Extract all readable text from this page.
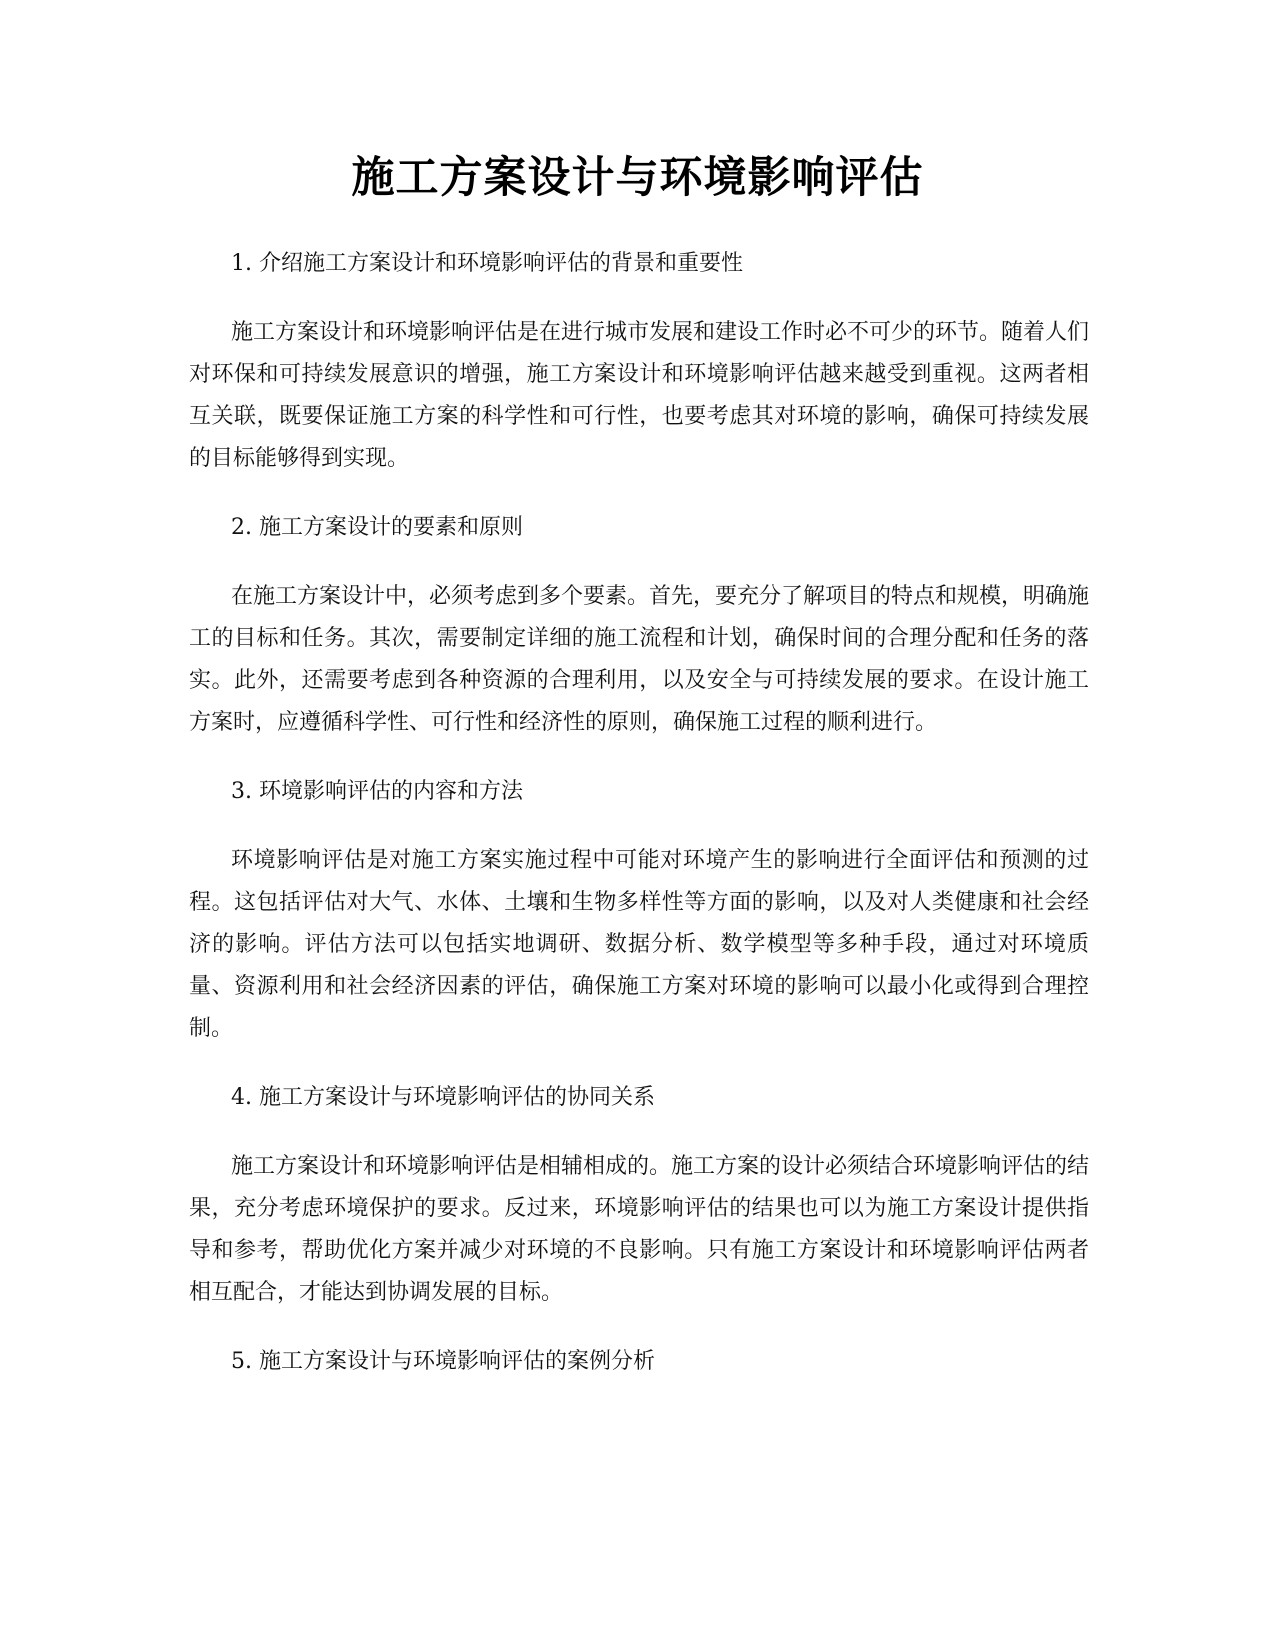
施工方案设计与环境影响评估

1. 介绍施工方案设计和环境影响评估的背景和重要性

施工方案设计和环境影响评估是在进行城市发展和建设工作时必不可少的环节。随着人们对环保和可持续发展意识的增强，施工方案设计和环境影响评估越来越受到重视。这两者相互关联，既要保证施工方案的科学性和可行性，也要考虑其对环境的影响，确保可持续发展的目标能够得到实现。

2. 施工方案设计的要素和原则

在施工方案设计中，必须考虑到多个要素。首先，要充分了解项目的特点和规模，明确施工的目标和任务。其次，需要制定详细的施工流程和计划，确保时间的合理分配和任务的落实。此外，还需要考虑到各种资源的合理利用，以及安全与可持续发展的要求。在设计施工方案时，应遵循科学性、可行性和经济性的原则，确保施工过程的顺利进行。

3. 环境影响评估的内容和方法

环境影响评估是对施工方案实施过程中可能对环境产生的影响进行全面评估和预测的过程。这包括评估对大气、水体、土壤和生物多样性等方面的影响，以及对人类健康和社会经济的影响。评估方法可以包括实地调研、数据分析、数学模型等多种手段，通过对环境质量、资源利用和社会经济因素的评估，确保施工方案对环境的影响可以最小化或得到合理控制。

4. 施工方案设计与环境影响评估的协同关系

施工方案设计和环境影响评估是相辅相成的。施工方案的设计必须结合环境影响评估的结果，充分考虑环境保护的要求。反过来，环境影响评估的结果也可以为施工方案设计提供指导和参考，帮助优化方案并减少对环境的不良影响。只有施工方案设计和环境影响评估两者相互配合，才能达到协调发展的目标。

5. 施工方案设计与环境影响评估的案例分析
